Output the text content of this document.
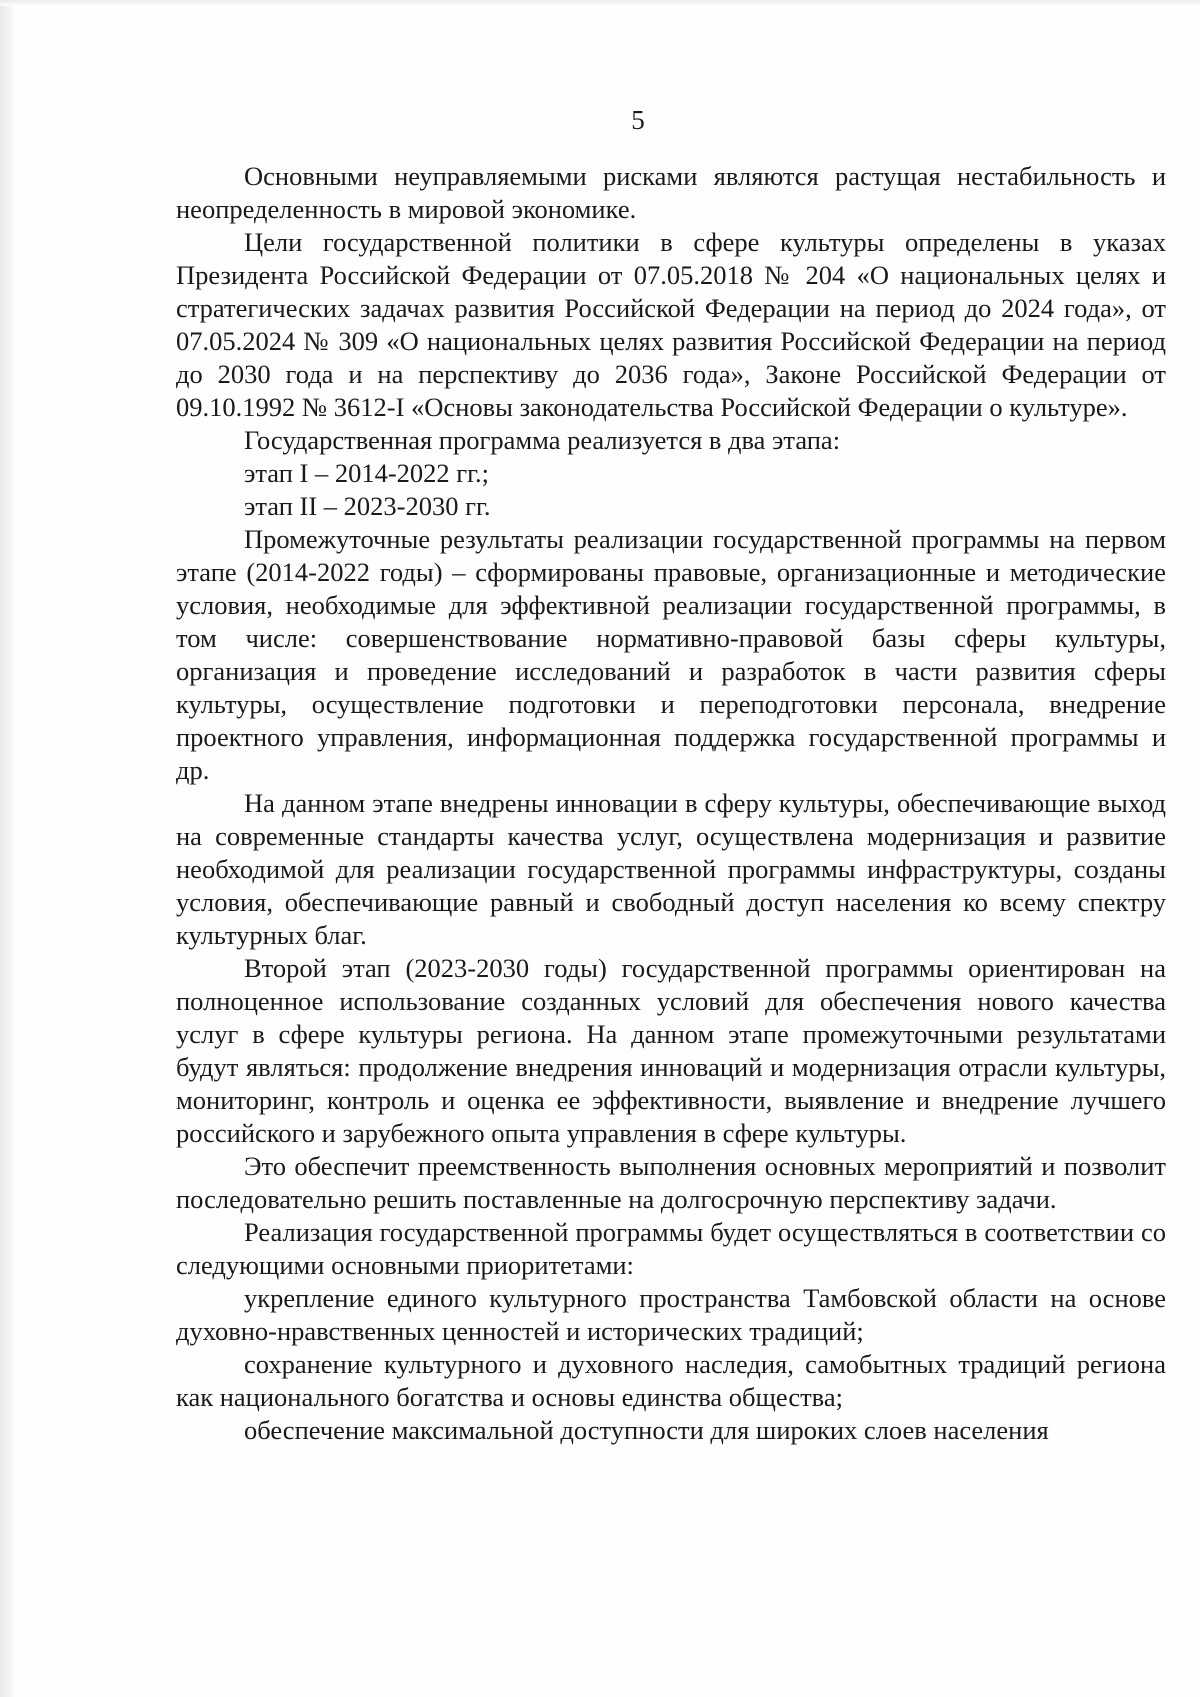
5

Основными неуправляемыми рисками являются растущая нестабильность и неопределенность в мировой экономике.

Цели государственной политики в сфере культуры определены в указах Президента Российской Федерации от 07.05.2018 № 204 «О национальных целях и стратегических задачах развития Российской Федерации на период до 2024 года», от 07.05.2024 № 309 «О национальных целях развития Российской Федерации на период до 2030 года и на перспективу до 2036 года», Законе Российской Федерации от 09.10.1992 № 3612-I «Основы законодательства Российской Федерации о культуре».

Государственная программа реализуется в два этапа:

этап I – 2014-2022 гг.;

этап II – 2023-2030 гг.

Промежуточные результаты реализации государственной программы на первом этапе (2014-2022 годы) – сформированы правовые, организационные и методические условия, необходимые для эффективной реализации государственной программы, в том числе: совершенствование нормативно-правовой базы сферы культуры, организация и проведение исследований и разработок в части развития сферы культуры, осуществление подготовки и переподготовки персонала, внедрение проектного управления, информационная поддержка государственной программы и др.

На данном этапе внедрены инновации в сферу культуры, обеспечивающие выход на современные стандарты качества услуг, осуществлена модернизация и развитие необходимой для реализации государственной программы инфраструктуры, созданы условия, обеспечивающие равный и свободный доступ населения ко всему спектру культурных благ.

Второй этап (2023-2030 годы) государственной программы ориентирован на полноценное использование созданных условий для обеспечения нового качества услуг в сфере культуры региона. На данном этапе промежуточными результатами будут являться: продолжение внедрения инноваций и модернизация отрасли культуры, мониторинг, контроль и оценка ее эффективности, выявление и внедрение лучшего российского и зарубежного опыта управления в сфере культуры.

Это обеспечит преемственность выполнения основных мероприятий и позволит последовательно решить поставленные на долгосрочную перспективу задачи.

Реализация государственной программы будет осуществляться в соответствии со следующими основными приоритетами:

укрепление единого культурного пространства Тамбовской области на основе духовно-нравственных ценностей и исторических традиций;

сохранение культурного и духовного наследия, самобытных традиций региона как национального богатства и основы единства общества;

обеспечение максимальной доступности для широких слоев населения
